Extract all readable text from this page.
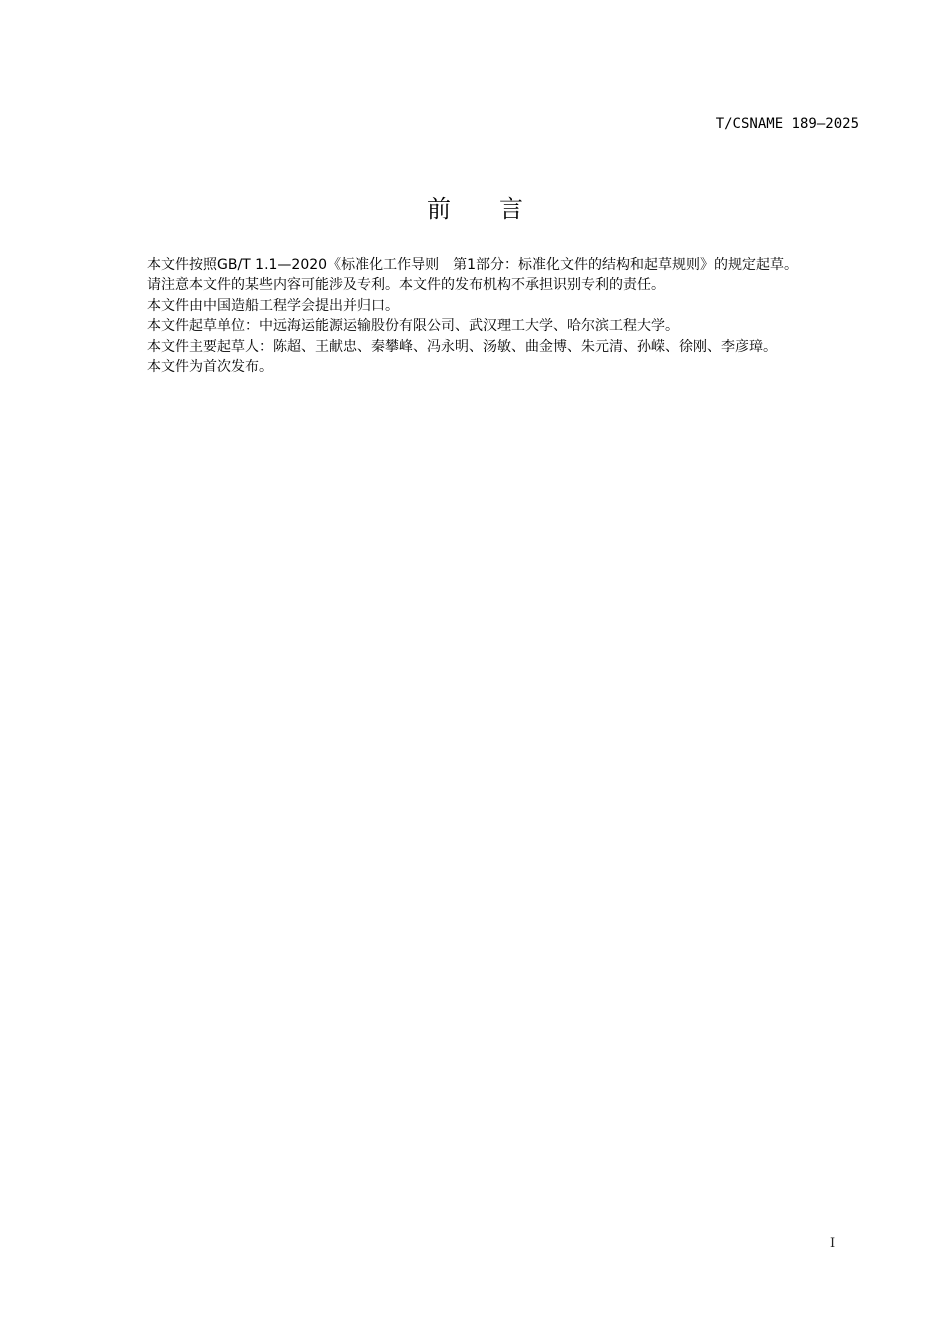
T/CSNAME 189—2025
前言

本文件按照GB/T 1.1—2020《标准化工作导则　第1部分：标准化文件的结构和起草规则》的规定起草。

请注意本文件的某些内容可能涉及专利。本文件的发布机构不承担识别专利的责任。

本文件由中国造船工程学会提出并归口。

本文件起草单位：中远海运能源运输股份有限公司、武汉理工大学、哈尔滨工程大学。

本文件主要起草人：陈超、王献忠、秦攀峰、冯永明、汤敏、曲金博、朱元清、孙嵘、徐刚、李彦璋。

本文件为首次发布。

I
